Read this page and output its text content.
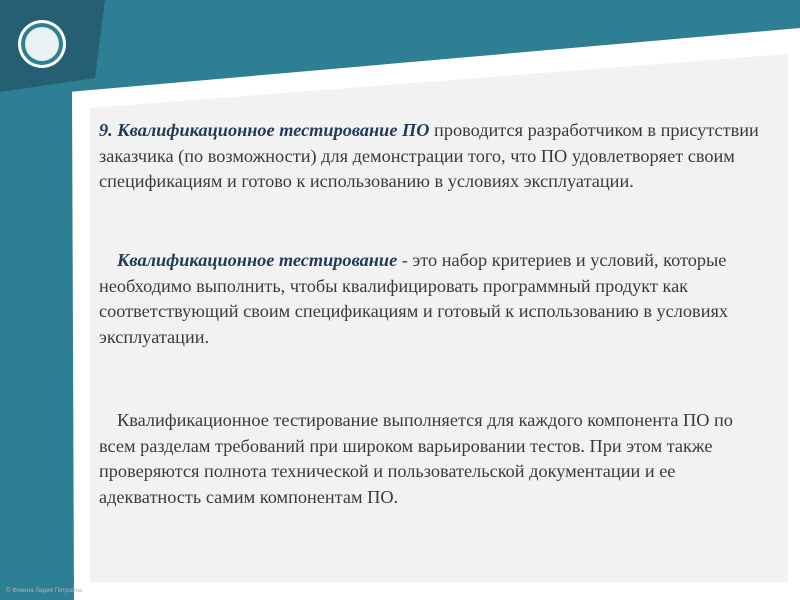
9. Квалификационное тестирование ПО проводится разработчиком в присутствии заказчика (по возможности) для демонстрации того, что ПО удовлетворяет своим спецификациям и готово к использованию в условиях эксплуатации.

Квалификационное тестирование - это набор критериев и условий, которые необходимо выполнить, чтобы квалифицировать программный продукт как соответствующий своим спецификациям и готовый к использованию в условиях эксплуатации.

Квалификационное тестирование выполняется для каждого компонента ПО по всем разделам требований при широком варьировании тестов. При этом также проверяются полнота технической и пользовательской документации и ее адекватность самим компонентам ПО.

© Фокина Лидия Петровна
